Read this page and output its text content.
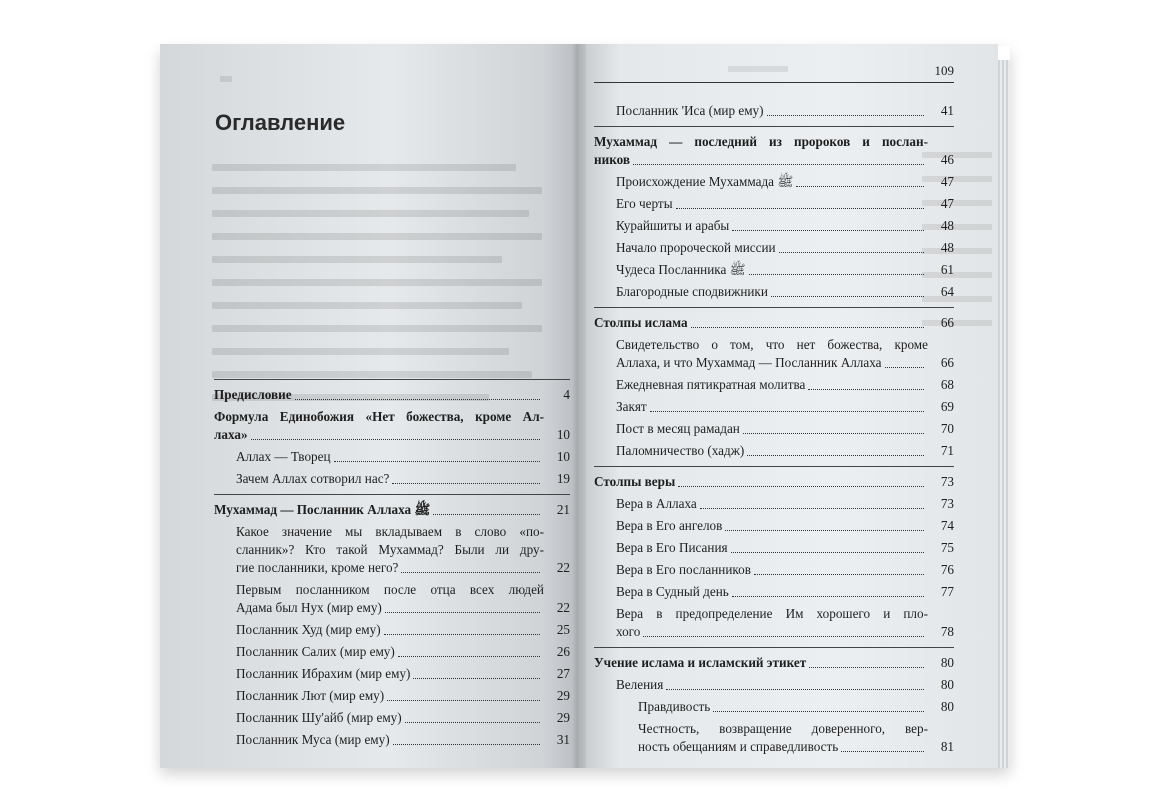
Оглавление
Предисловие	4
Формула Единобожия «Нет божества, кроме Ал-
лаха»	10
Аллах — Творец	10
Зачем Аллах сотворил нас?	19
Мухаммад — Посланник Аллаха ﷺ	21
Какое значение мы вкладываем в слово «по-
сланник»? Кто такой Мухаммад? Были ли дру-
гие посланники, кроме него?	22
Первым посланником после отца всех людей
Адама был Нух (мир ему)	22
Посланник Худ (мир ему)	25
Посланник Салих (мир ему)	26
Посланник Ибрахим (мир ему)	27
Посланник Лют (мир ему)	29
Посланник Шу'айб (мир ему)	29
Посланник Муса (мир ему)	31
109
Посланник 'Иса (мир ему)	41
Мухаммад — последний из пророков и послан-
ников	46
Происхождение Мухаммада ﷺ	47
Его черты	47
Курайшиты и арабы	48
Начало пророческой миссии	48
Чудеса Посланника ﷺ	61
Благородные сподвижники	64
Столпы ислама	66
Свидетельство о том, что нет божества, кроме
Аллаха, и что Мухаммад — Посланник Аллаха	66
Ежедневная пятикратная молитва	68
Закят	69
Пост в месяц рамадан	70
Паломничество (хадж)	71
Столпы веры	73
Вера в Аллаха	73
Вера в Его ангелов	74
Вера в Его Писания	75
Вера в Его посланников	76
Вера в Судный день	77
Вера в предопределение Им хорошего и пло-
хого	78
Учение ислама и исламский этикет	80
Веления	80
Правдивость	80
Честность, возвращение доверенного, вер-
ность обещаниям и справедливость	81
